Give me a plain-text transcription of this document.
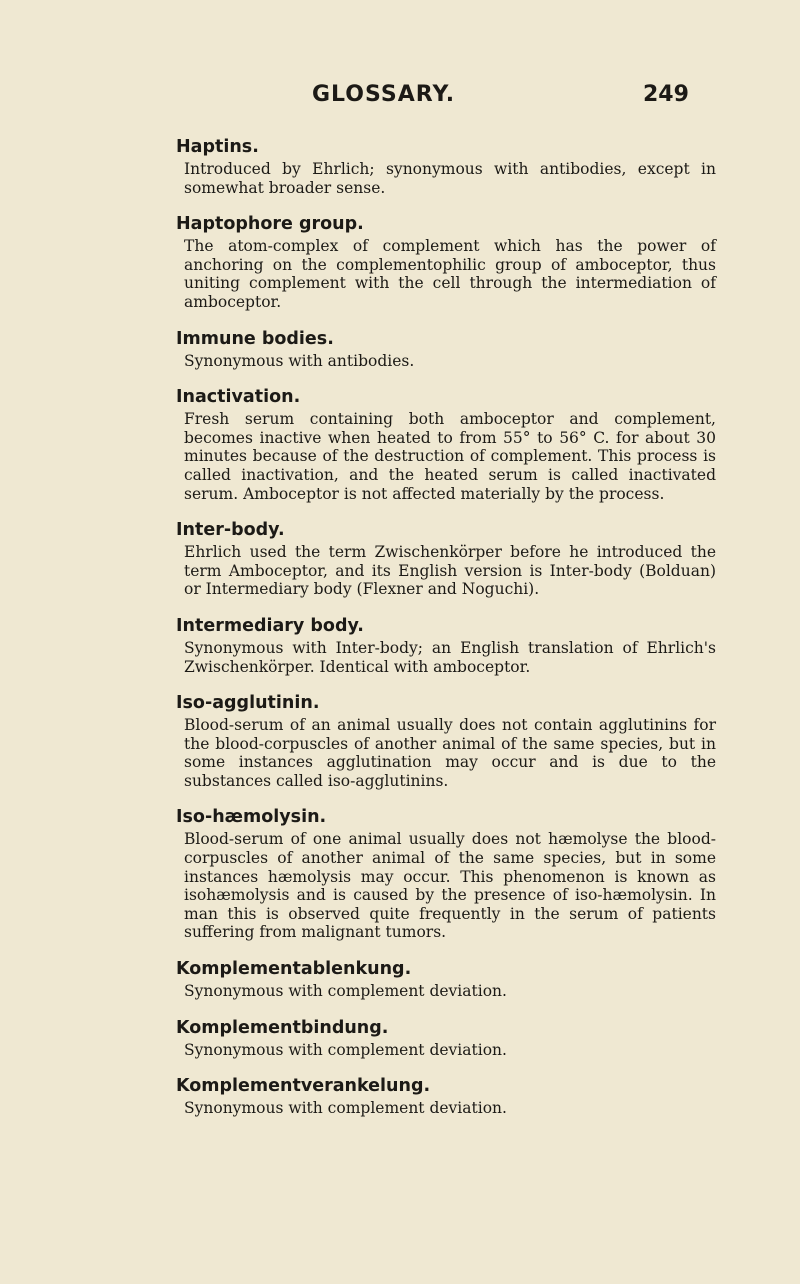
GLOSSARY.	249
Haptins.
Introduced by Ehrlich; synonymous with antibodies, except in somewhat broader sense.
Haptophore group.
The atom-complex of complement which has the power of anchoring on the complementophilic group of amboceptor, thus uniting complement with the cell through the intermediation of amboceptor.
Immune bodies.
Synonymous with antibodies.
Inactivation.
Fresh serum containing both amboceptor and complement, becomes inactive when heated to from 55° to 56° C. for about 30 minutes because of the destruction of complement. This process is called inactivation, and the heated serum is called inactivated serum. Amboceptor is not affected materially by the process.
Inter-body.
Ehrlich used the term Zwischenkörper before he introduced the term Amboceptor, and its English version is Inter-body (Bolduan) or Intermediary body (Flexner and Noguchi).
Intermediary body.
Synonymous with Inter-body; an English translation of Ehrlich's Zwischenkörper. Identical with amboceptor.
Iso-agglutinin.
Blood-serum of an animal usually does not contain agglutinins for the blood-corpuscles of another animal of the same species, but in some instances agglutination may occur and is due to the substances called iso-agglutinins.
Iso-hæmolysin.
Blood-serum of one animal usually does not hæmolyse the blood-corpuscles of another animal of the same species, but in some instances hæmolysis may occur. This phenomenon is known as isohæmolysis and is caused by the presence of iso-hæmolysin. In man this is observed quite frequently in the serum of patients suffering from malignant tumors.
Komplementablenkung.
Synonymous with complement deviation.
Komplementbindung.
Synonymous with complement deviation.
Komplementverankelung.
Synonymous with complement deviation.
